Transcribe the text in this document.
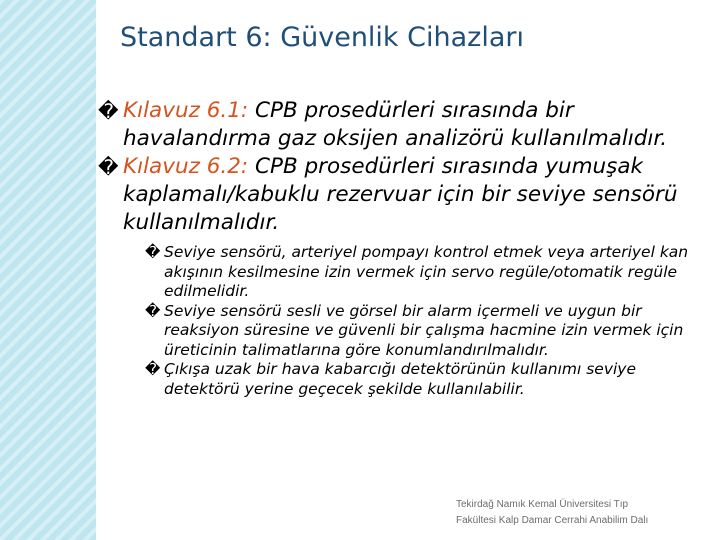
Standart 6: Güvenlik Cihazları
� Kılavuz 6.1: CPB prosedürleri sırasında bir havalandırma gaz oksijen analizörü kullanılmalıdır.
� Kılavuz 6.2: CPB prosedürleri sırasında yumuşak kaplamalı/kabuklu rezervuar için bir seviye sensörü kullanılmalıdır.
� Seviye sensörü, arteriyel pompayı kontrol etmek veya arteriyel kan akışının kesilmesine izin vermek için servo regüle/otomatik regüle edilmelidir.
� Seviye sensörü sesli ve görsel bir alarm içermeli ve uygun bir reaksiyon süresine ve güvenli bir çalışma hacmine izin vermek için üreticinin talimatlarına göre konumlandırılmalıdır.
� Çıkışa uzak bir hava kabarcığı detektörünün kullanımı seviye detektörü yerine geçecek şekilde kullanılabilir.
Tekirdağ Namık Kemal Üniversitesi Tıp
Fakültesi Kalp Damar Cerrahi Anabilim Dalı
